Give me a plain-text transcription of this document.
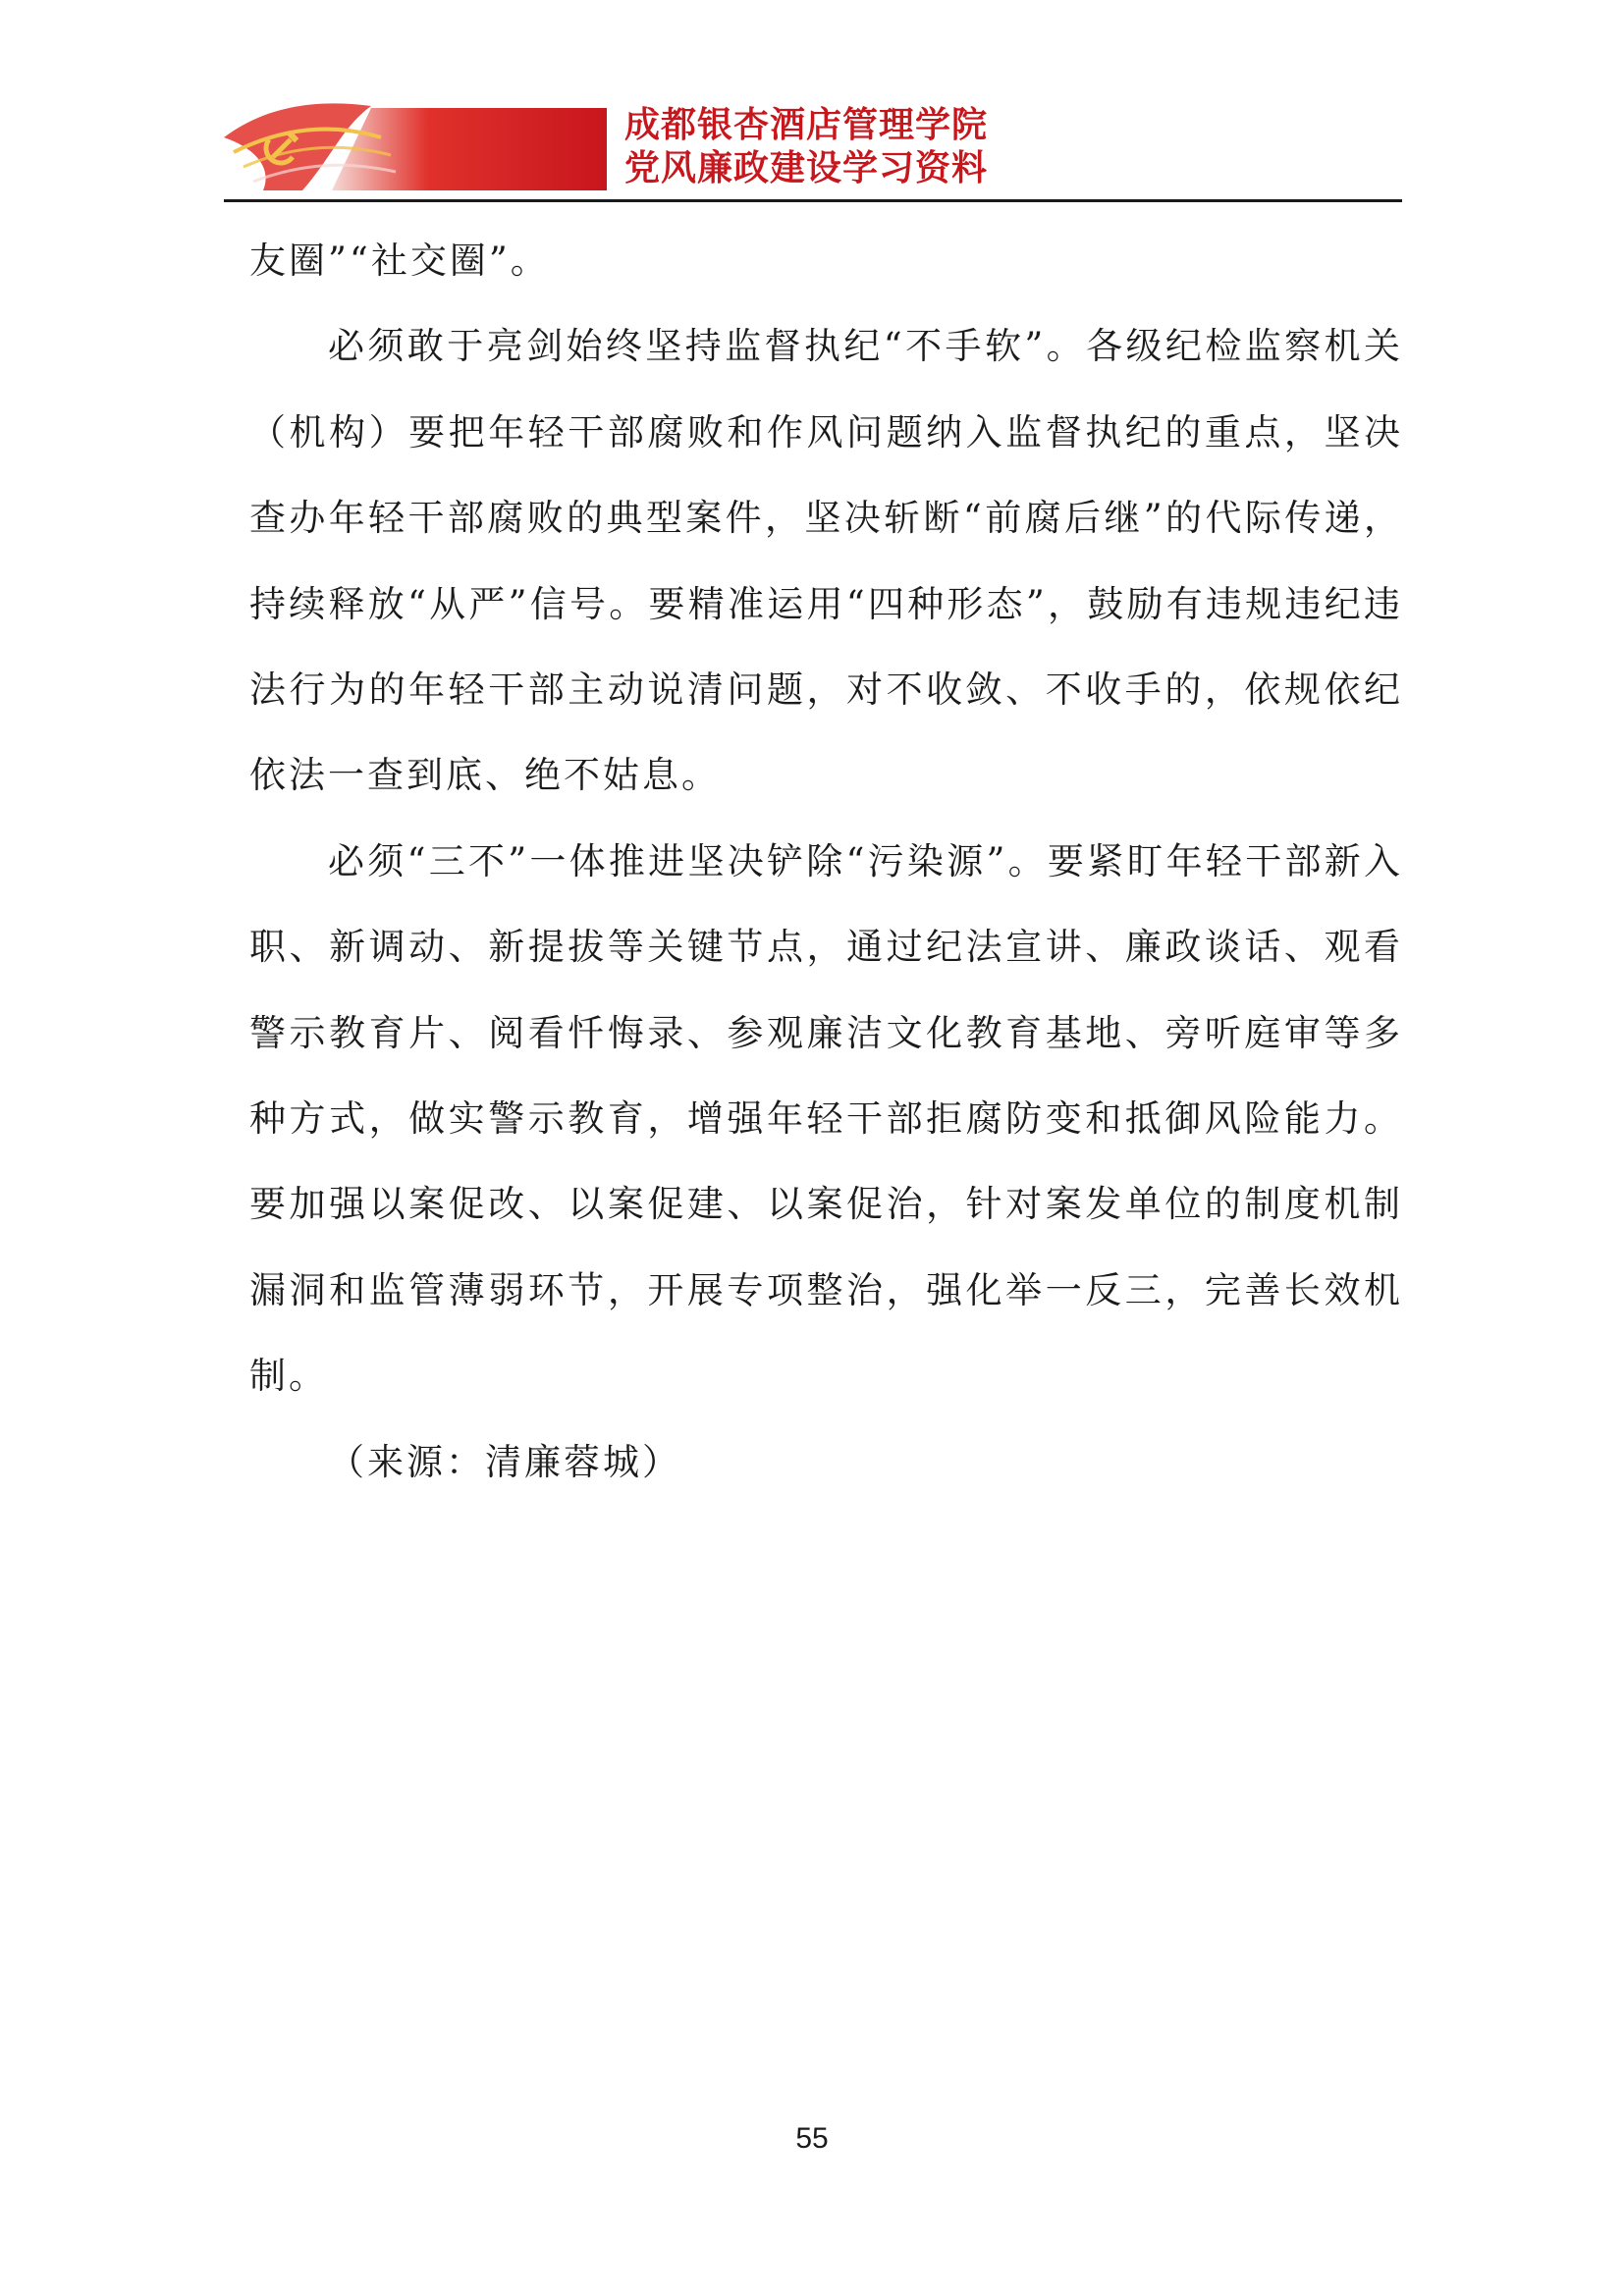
成都银杏酒店管理学院
党风廉政建设学习资料

友圈”“社交圈”。

必须敢于亮剑始终坚持监督执纪“不手软”。各级纪检监察机关（机构）要把年轻干部腐败和作风问题纳入监督执纪的重点，坚决查办年轻干部腐败的典型案件，坚决斩断“前腐后继”的代际传递，持续释放“从严”信号。要精准运用“四种形态”，鼓励有违规违纪违法行为的年轻干部主动说清问题，对不收敛、不收手的，依规依纪依法一查到底、绝不姑息。

必须“三不”一体推进坚决铲除“污染源”。要紧盯年轻干部新入职、新调动、新提拔等关键节点，通过纪法宣讲、廉政谈话、观看警示教育片、阅看忏悔录、参观廉洁文化教育基地、旁听庭审等多种方式，做实警示教育，增强年轻干部拒腐防变和抵御风险能力。要加强以案促改、以案促建、以案促治，针对案发单位的制度机制漏洞和监管薄弱环节，开展专项整治，强化举一反三，完善长效机制。

（来源：清廉蓉城）

55
